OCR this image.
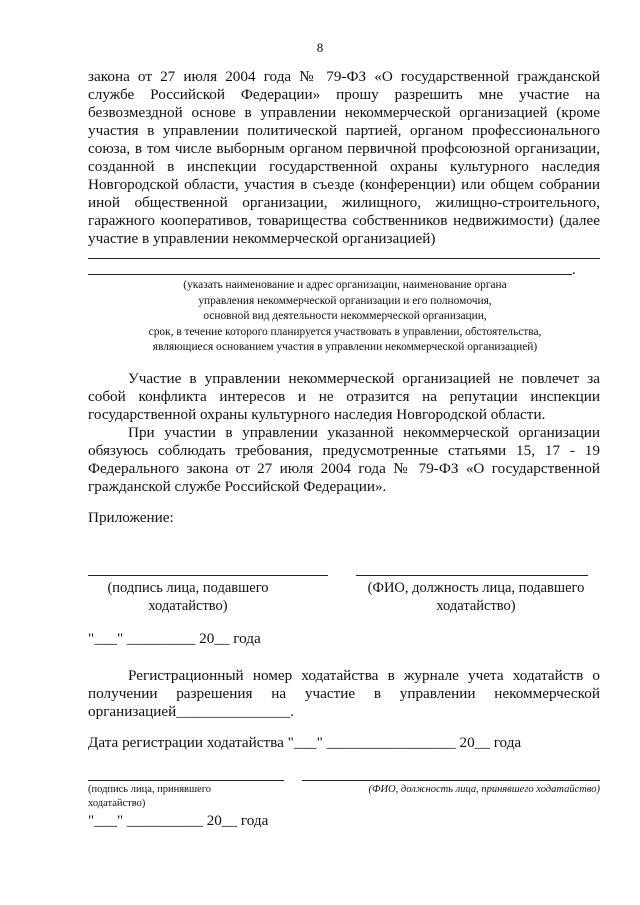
8
закона от 27 июля 2004 года № 79-ФЗ «О государственной гражданской
службе Российской Федерации» прошу разрешить мне участие на
безвозмездной основе в управлении некоммерческой организацией (кроме
участия в управлении политической партией, органом профессионального
союза, в том числе выборным органом первичной профсоюзной организации,
созданной в инспекции государственной охраны культурного наследия
Новгородской области, участия в съезде (конференции) или общем собрании
иной общественной организации, жилищного, жилищно-строительного,
гаражного кооперативов, товарищества собственников недвижимости) (далее
участие в управлении некоммерческой организацией)
.
(указать наименование и адрес организации, наименование органа
управления некоммерческой организации и его полномочия,
основной вид деятельности некоммерческой организации,
срок, в течение которого планируется участвовать в управлении, обстоятельства,
являющиеся основанием участия в управлении некоммерческой организацией)
Участие в управлении некоммерческой организацией не повлечет за
собой конфликта интересов и не отразится на репутации инспекции
государственной охраны культурного наследия Новгородской области.
При участии в управлении указанной некоммерческой организации
обязуюсь соблюдать требования, предусмотренные статьями 15, 17 - 19
Федерального закона от 27 июля 2004 года № 79-ФЗ «О государственной
гражданской службе Российской Федерации».
Приложение:
(подпись лица, подавшего
ходатайство)
(ФИО, должность лица, подавшего
ходатайство)
"___" _________ 20__ года
Регистрационный номер ходатайства в журнале учета ходатайств о
получении разрешения на участие в управлении некоммерческой
организацией_______________.
Дата регистрации ходатайства "___" _________________ 20__ года
(подпись лица, принявшего
ходатайство)
(ФИО, должность лица, принявшего ходатайство)
"___" __________ 20__ года
